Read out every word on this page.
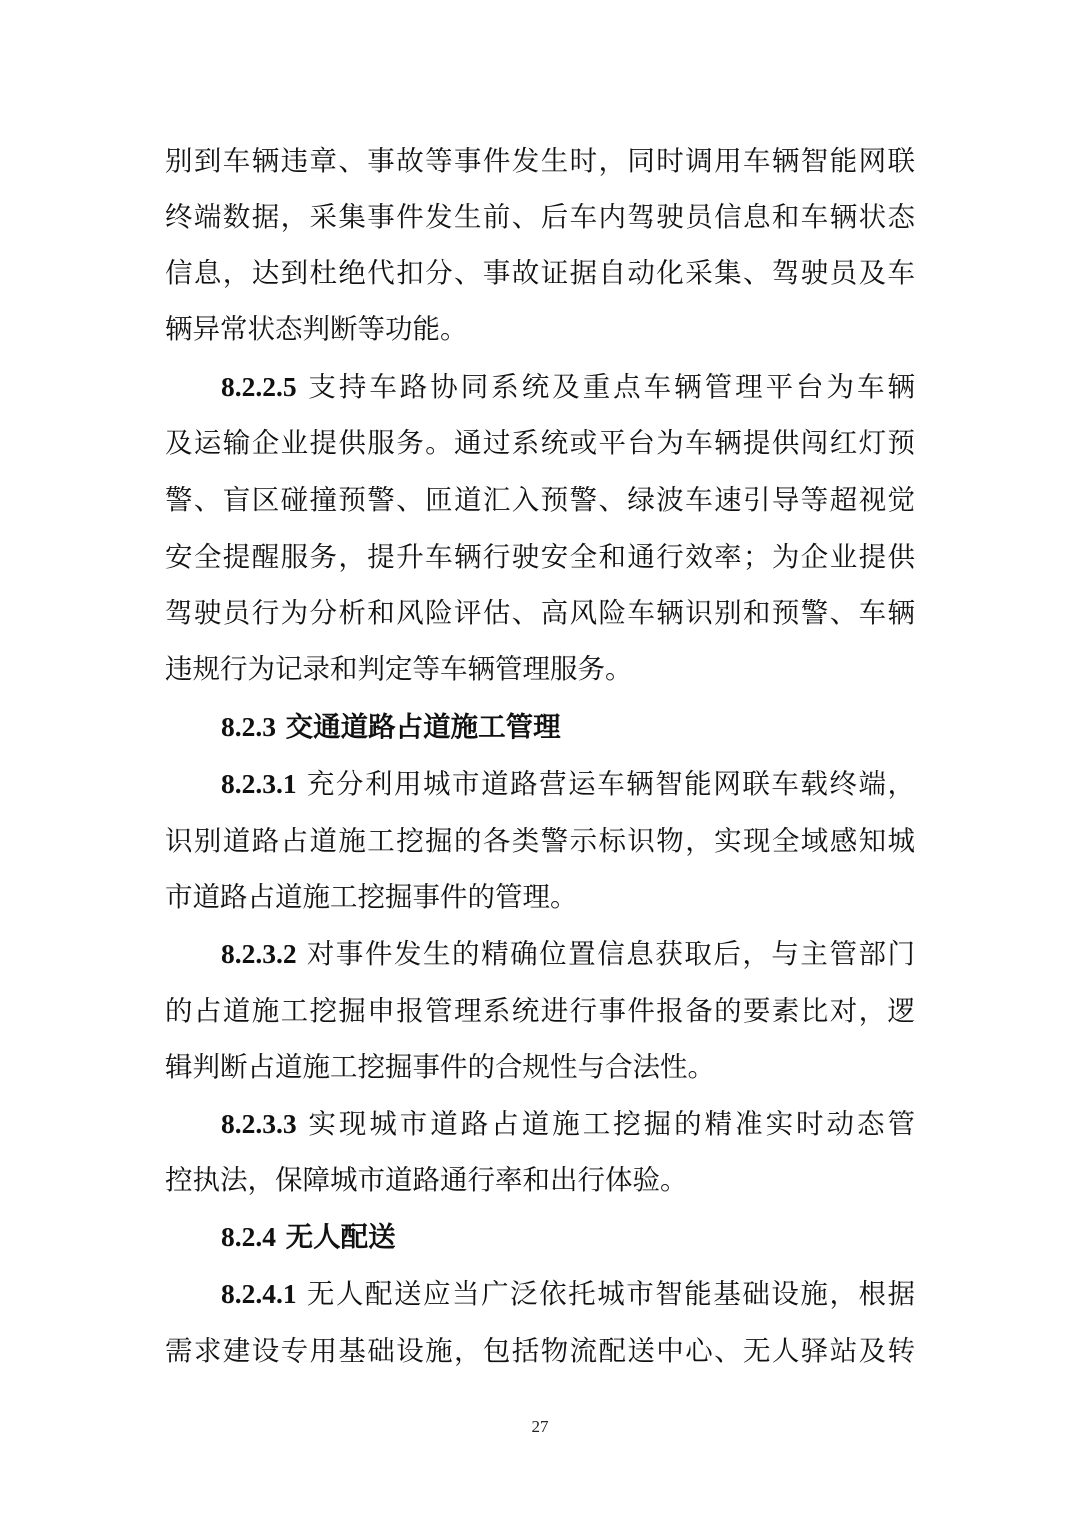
别到车辆违章、事故等事件发生时，同时调用车辆智能网联
终端数据，采集事件发生前、后车内驾驶员信息和车辆状态
信息，达到杜绝代扣分、事故证据自动化采集、驾驶员及车
辆异常状态判断等功能。
8.2.2.5 支持车路协同系统及重点车辆管理平台为车辆
及运输企业提供服务。通过系统或平台为车辆提供闯红灯预
警、盲区碰撞预警、匝道汇入预警、绿波车速引导等超视觉
安全提醒服务，提升车辆行驶安全和通行效率；为企业提供
驾驶员行为分析和风险评估、高风险车辆识别和预警、车辆
违规行为记录和判定等车辆管理服务。
8.2.3 交通道路占道施工管理
8.2.3.1 充分利用城市道路营运车辆智能网联车载终端，
识别道路占道施工挖掘的各类警示标识物，实现全域感知城
市道路占道施工挖掘事件的管理。
8.2.3.2 对事件发生的精确位置信息获取后，与主管部门
的占道施工挖掘申报管理系统进行事件报备的要素比对，逻
辑判断占道施工挖掘事件的合规性与合法性。
8.2.3.3 实现城市道路占道施工挖掘的精准实时动态管
控执法，保障城市道路通行率和出行体验。
8.2.4 无人配送
8.2.4.1 无人配送应当广泛依托城市智能基础设施，根据
需求建设专用基础设施，包括物流配送中心、无人驿站及转
27
